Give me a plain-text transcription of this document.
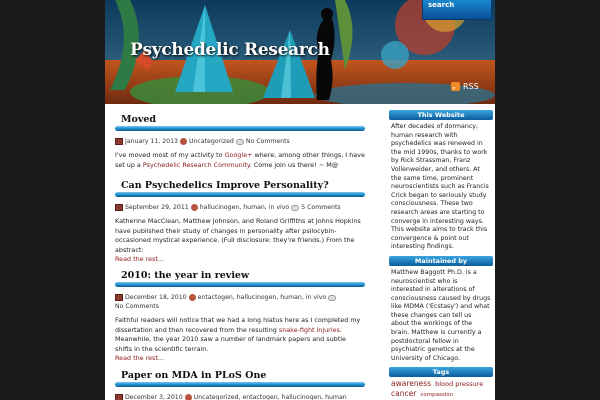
Psychedelic Research
search
RSS
Moved
January 11, 2013 Uncategorized No Comments
I've moved most of my activity to Google+ where, among other things, I have set up a Psychedelic Research Community. Come join us there! ~ M@
Can Psychedelics Improve Personality?
September 29, 2011 hallucinogen, human, in vivo 5 Comments
Katherine MacClean, Matthew Johnson, and Roland Griffiths at Johns Hopkins have published their study of changes in personality after psilocybin-occasioned mystical experience. (Full disclosure: they're friends.) From the abstract:
Read the rest...
2010: the year in review
December 18, 2010 entactogen, hallucinogen, human, in vivo
No Comments
Faithful readers will notice that we had a long hiatus here as I completed my dissertation and then recovered from the resulting snake-fight injuries. Meanwhile, the year 2010 saw a number of landmark papers and subtle shifts in the scientific terrain.
Read the rest...
Paper on MDA in PLoS One
December 3, 2010 Uncategorized, entactogen, hallucinogen, human
This Website
After decades of dormancy, human research with psychedelics was renewed in the mid 1990s, thanks to work by Rick Strassman, Franz Vollenweider, and others. At the same time, prominent neuroscientists such as Francis Crick began to seriously study consciousness. These two research areas are starting to converge in interesting ways. This website aims to track this convergence & point out interesting findings.
Maintained by
Matthew Baggott Ph.D. is a neuroscientist who is interested in alterations of consciousness caused by drugs like MDMA ('Ecstasy') and what these changes can tell us about the workings of the brain. Matthew is currently a postdoctoral fellow in psychiatric genetics at the University of Chicago.
Tags
awareness blood pressure cancer compassion
